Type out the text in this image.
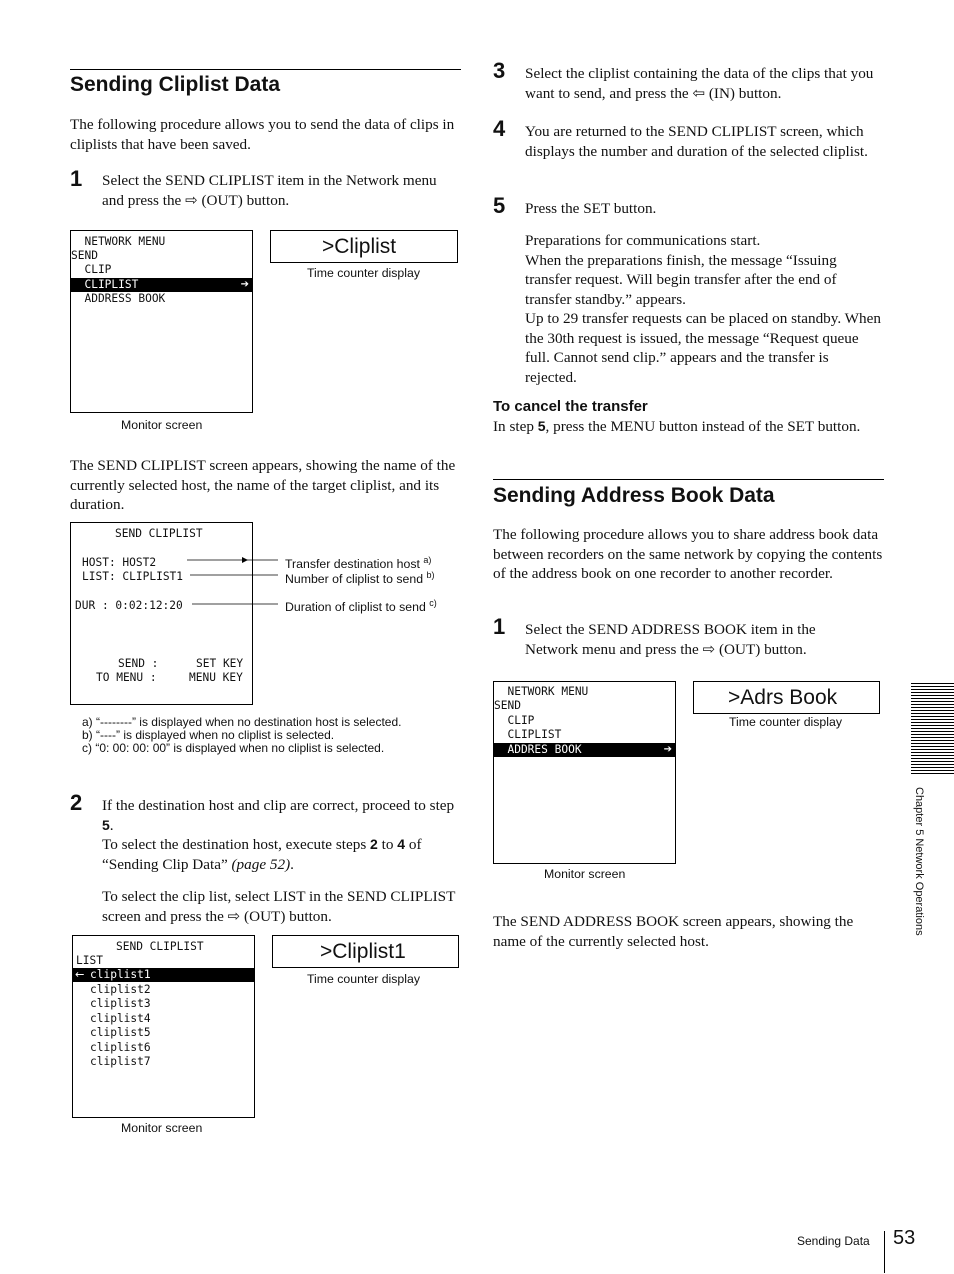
Sending Cliplist Data

The following procedure allows you to send the data of clips in cliplists that have been saved.

1 Select the SEND CLIPLIST item in the Network menu and press the ⇨ (OUT) button.

NETWORK MENU
SEND
CLIP
CLIPLIST	➔
ADDRESS BOOK
Monitor screen
>Cliplist
Time counter display

The SEND CLIPLIST screen appears, showing the name of the currently selected host, the name of the target cliplist, and its duration.

SEND CLIPLIST
HOST: HOST2
LIST: CLIPLIST1
DUR : 0:02:12:20
SEND :	SET KEY
TO MENU :	MENU KEY
Transfer destination host $^{a)}$
Number of cliplist to send $^{b)}$
Duration of cliplist to send $^{c)}$
a) “--------” is displayed when no destination host is selected.
b) “----” is displayed when no cliplist is selected.
c) “0: 00: 00: 00” is displayed when no cliplist is selected.
2 If the destination host and clip are correct, proceed to step 5.

To select the destination host, execute steps 2 to 4 of “Sending Clip Data” (page 52).

To select the clip list, select LIST in the SEND CLIPLIST screen and press the ⇨ (OUT) button.

SEND CLIPLIST
LIST
← cliplist1
cliplist2
cliplist3
cliplist4
cliplist5
cliplist6
cliplist7
Monitor screen
>Cliplist1
Time counter display
3 Select the cliplist containing the data of the clips that you want to send, and press the ⇦ (IN) button.

4 You are returned to the SEND CLIPLIST screen, which displays the number and duration of the selected cliplist.

5 Press the SET button.

Preparations for communications start.
When the preparations finish, the message “Issuing transfer request. Will begin transfer after the end of transfer standby.” appears.
Up to 29 transfer requests can be placed on standby. When the 30th request is issued, the message “Request queue full. Cannot send clip.” appears and the transfer is rejected.

To cancel the transfer

In step 5, press the MENU button instead of the SET button.

Sending Address Book Data

The following procedure allows you to share address book data between recorders on the same network by copying the contents of the address book on one recorder to another recorder.

1 Select the SEND ADDRESS BOOK item in the Network menu and press the ⇨ (OUT) button.

NETWORK MENU
SEND
CLIP
CLIPLIST
ADDRES BOOK	➔
Monitor screen
>Adrs Book
Time counter display

The SEND ADDRESS BOOK screen appears, showing the name of the currently selected host.

Chapter 5 Network Operations
Sending Data 53
